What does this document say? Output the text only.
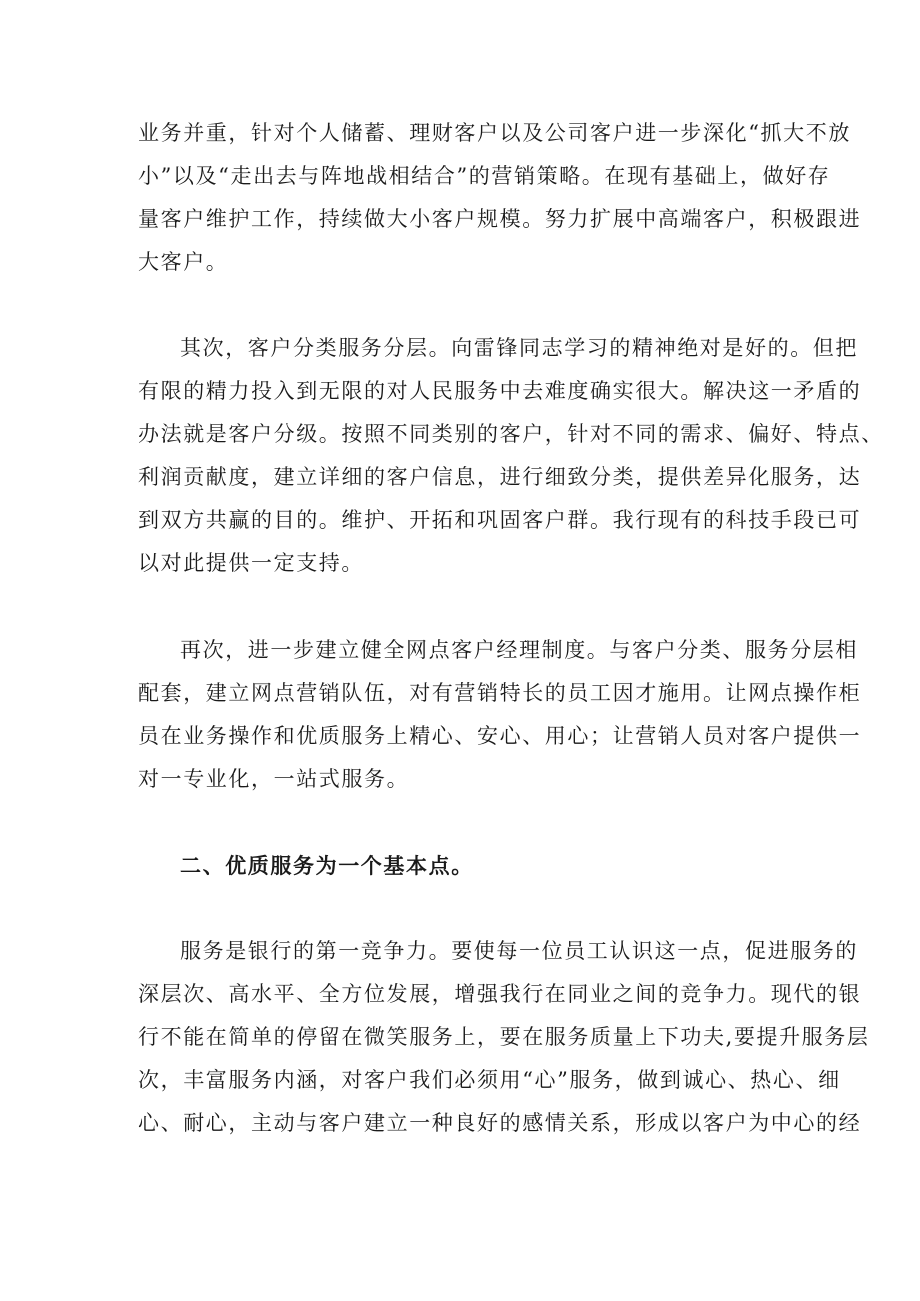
业务并重，针对个人储蓄、理财客户以及公司客户进一步深化“抓大不放
小”以及“走出去与阵地战相结合”的营销策略。在现有基础上，做好存
量客户维护工作，持续做大小客户规模。努力扩展中高端客户，积极跟进
大客户。
其次，客户分类服务分层。向雷锋同志学习的精神绝对是好的。但把
有限的精力投入到无限的对人民服务中去难度确实很大。解决这一矛盾的
办法就是客户分级。按照不同类别的客户，针对不同的需求、偏好、特点、
利润贡献度，建立详细的客户信息，进行细致分类，提供差异化服务，达
到双方共赢的目的。维护、开拓和巩固客户群。我行现有的科技手段已可
以对此提供一定支持。
再次，进一步建立健全网点客户经理制度。与客户分类、服务分层相
配套，建立网点营销队伍，对有营销特长的员工因才施用。让网点操作柜
员在业务操作和优质服务上精心、安心、用心；让营销人员对客户提供一
对一专业化，一站式服务。
二、优质服务为一个基本点。
服务是银行的第一竞争力。要使每一位员工认识这一点，促进服务的
深层次、高水平、全方位发展，增强我行在同业之间的竞争力。现代的银
行不能在简单的停留在微笑服务上，要在服务质量上下功夫,要提升服务层
次，丰富服务内涵，对客户我们必须用“心”服务，做到诚心、热心、细
心、耐心，主动与客户建立一种良好的感情关系，形成以客户为中心的经
